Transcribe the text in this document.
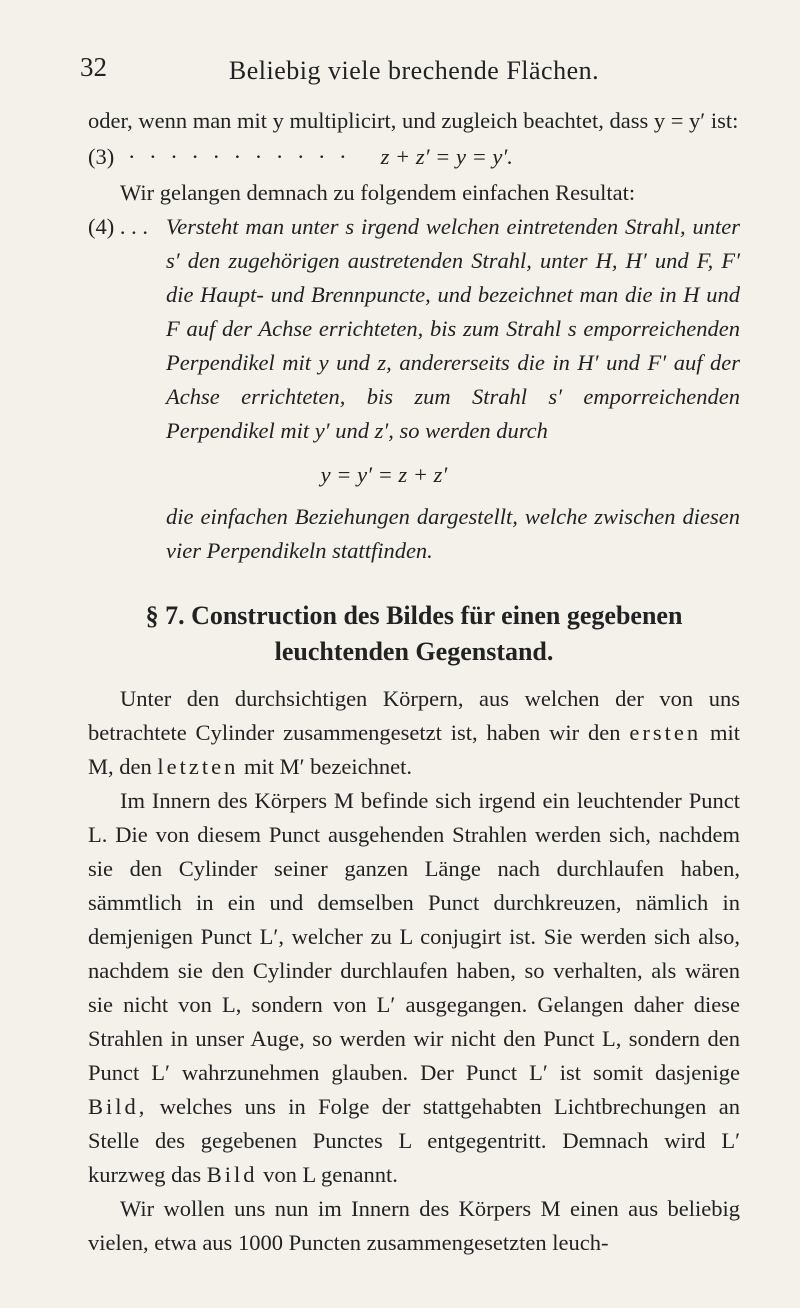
32	Beliebig viele brechende Flächen.

oder, wenn man mit y multiplicirt, und zugleich beachtet, dass y = y′ ist:

(3) · · · · · · · · · · · z + z′ = y = y′.

Wir gelangen demnach zu folgendem einfachen Resultat:

(4) . . . Versteht man unter s irgend welchen eintretenden Strahl, unter s′ den zugehörigen austretenden Strahl, unter H, H′ und F, F′ die Haupt- und Brennpuncte, und bezeichnet man die in H und F auf der Achse errichteten, bis zum Strahl s emporreichenden Perpendikel mit y und z, andererseits die in H′ und F′ auf der Achse errichteten, bis zum Strahl s′ emporreichenden Perpendikel mit y′ und z′, so werden durch
y = y′ = z + z′

die einfachen Beziehungen dargestellt, welche zwischen diesen vier Perpendikeln stattfinden.

§ 7. Construction des Bildes für einen gegebenen
leuchtenden Gegenstand.

Unter den durchsichtigen Körpern, aus welchen der von uns betrachtete Cylinder zusammengesetzt ist, haben wir den ersten mit M, den letzten mit M′ bezeichnet.

Im Innern des Körpers M befinde sich irgend ein leuchtender Punct L. Die von diesem Punct ausgehenden Strahlen werden sich, nachdem sie den Cylinder seiner ganzen Länge nach durchlaufen haben, sämmtlich in ein und demselben Punct durchkreuzen, nämlich in demjenigen Punct L′, welcher zu L conjugirt ist. Sie werden sich also, nachdem sie den Cylinder durchlaufen haben, so verhalten, als wären sie nicht von L, sondern von L′ ausgegangen. Gelangen daher diese Strahlen in unser Auge, so werden wir nicht den Punct L, sondern den Punct L′ wahrzunehmen glauben. Der Punct L′ ist somit dasjenige Bild, welches uns in Folge der stattgehabten Lichtbrechungen an Stelle des gegebenen Punctes L entgegentritt. Demnach wird L′ kurzweg das Bild von L genannt.

Wir wollen uns nun im Innern des Körpers M einen aus beliebig vielen, etwa aus 1000 Puncten zusammengesetzten leuch-
